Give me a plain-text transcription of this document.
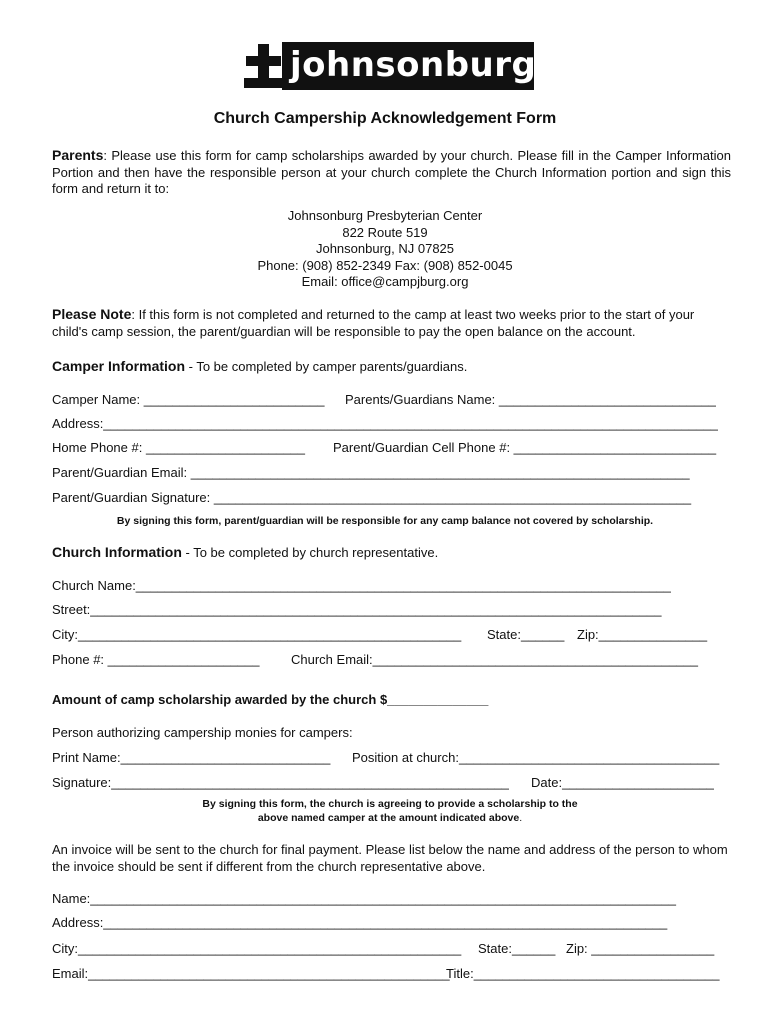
johnsonburg
Church Campership Acknowledgement Form
Parents: Please use this form for camp scholarships awarded by your church. Please fill in the Camper Information Portion and then have the responsible person at your church complete the Church Information portion and sign this form and return it to:
Johnsonburg Presbyterian Center
822 Route 519
Johnsonburg, NJ 07825
Phone: (908) 852-2349 Fax: (908) 852-0045
Email: office@campjburg.org
Please Note: If this form is not completed and returned to the camp at least two weeks prior to the start of your child's camp session, the parent/guardian will be responsible to pay the open balance on the account.
Camper Information - To be completed by camper parents/guardians.
Camper Name: _________________________ Parents/Guardians Name: ______________________________
Address:_____________________________________________________________________________________
Home Phone #: ______________________ Parent/Guardian Cell Phone #: ____________________________
Parent/Guardian Email: _____________________________________________________________________
Parent/Guardian Signature: __________________________________________________________________
By signing this form, parent/guardian will be responsible for any camp balance not covered by scholarship.
Church Information - To be completed by church representative.
Church Name:__________________________________________________________________________
Street:_______________________________________________________________________________
City:_____________________________________________________ State:______ Zip:_______________
Phone #: _____________________ Church Email:_____________________________________________
Amount of camp scholarship awarded by the church $______________
Person authorizing campership monies for campers:
Print Name:_____________________________ Position at church:____________________________________
Signature:_______________________________________________________ Date:_____________________
By signing this form, the church is agreeing to provide a scholarship to the
above named camper at the amount indicated above.
An invoice will be sent to the church for final payment. Please list below the name and address of the person to whom the invoice should be sent if different from the church representative above.
Name:_________________________________________________________________________________
Address:______________________________________________________________________________
City:_____________________________________________________ State:______ Zip: _________________
Email:__________________________________________________
Title:__________________________________
